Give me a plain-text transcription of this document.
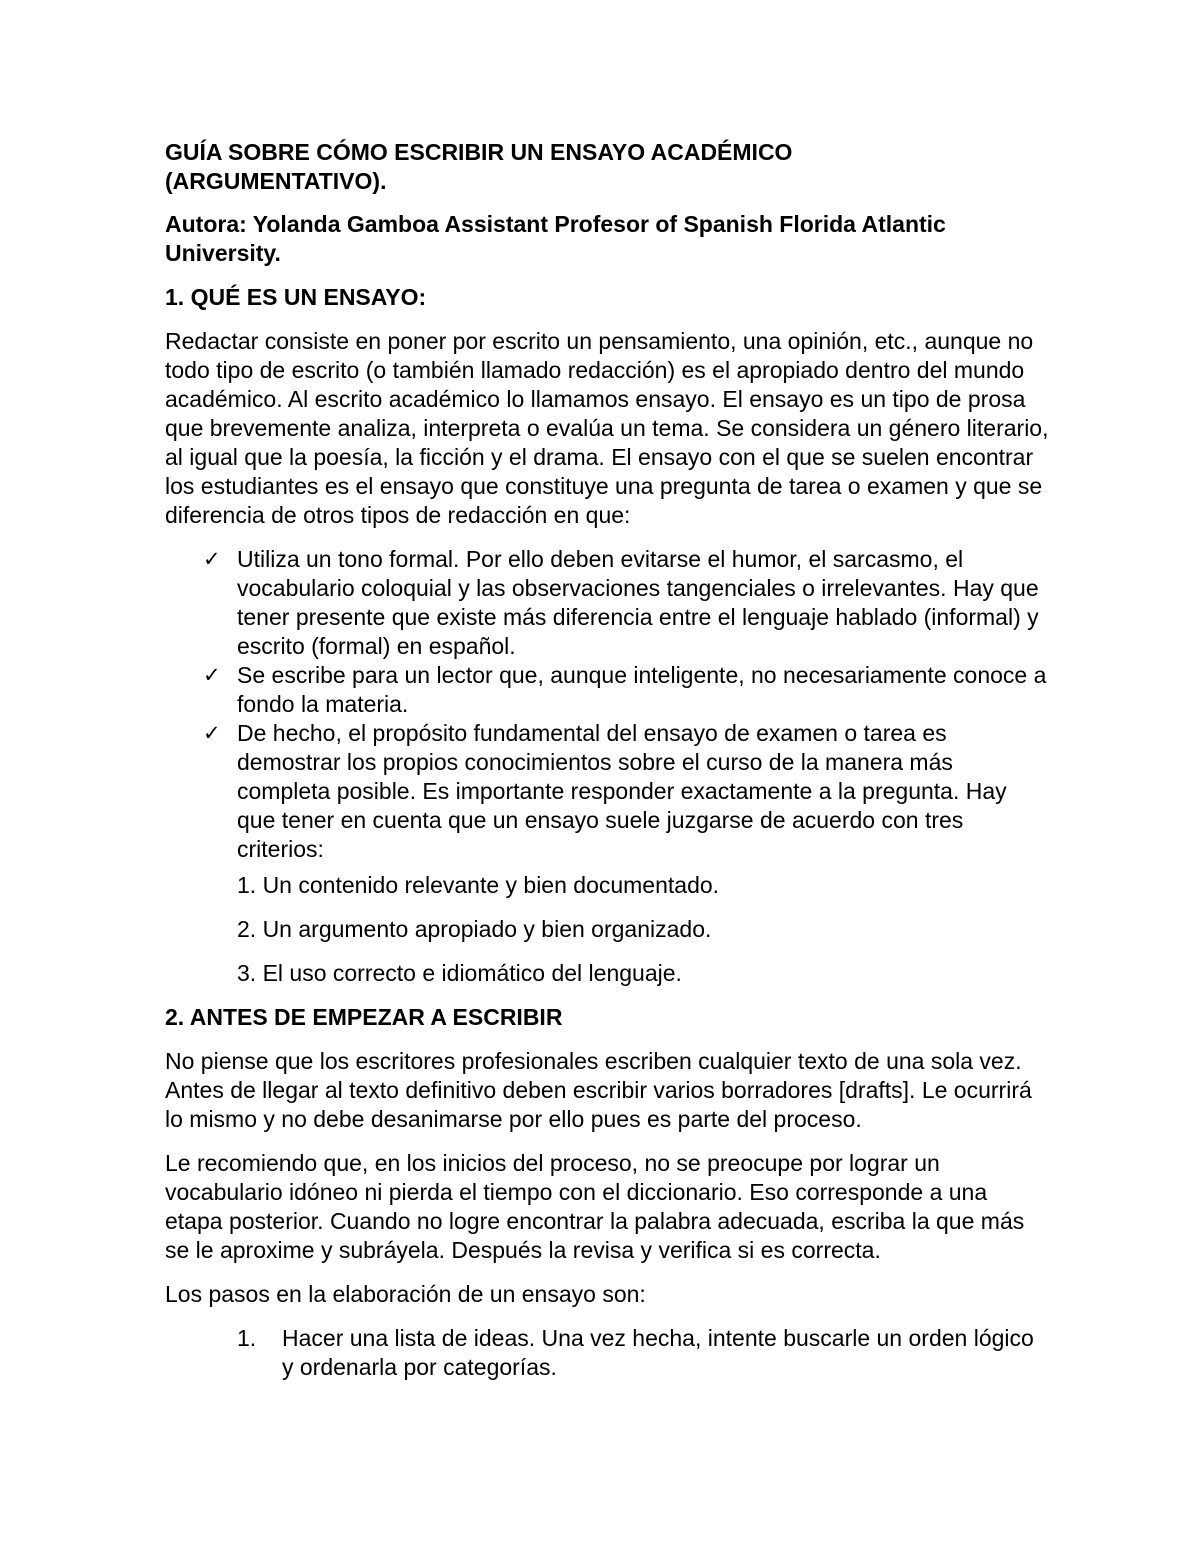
GUÍA SOBRE CÓMO ESCRIBIR UN ENSAYO ACADÉMICO
(ARGUMENTATIVO).

Autora: Yolanda Gamboa Assistant Profesor of Spanish Florida Atlantic University.

1. QUÉ ES UN ENSAYO:

Redactar consiste en poner por escrito un pensamiento, una opinión, etc., aunque no todo tipo de escrito (o también llamado redacción) es el apropiado dentro del mundo académico. Al escrito académico lo llamamos ensayo. El ensayo es un tipo de prosa que brevemente analiza, interpreta o evalúa un tema. Se considera un género literario, al igual que la poesía, la ficción y el drama. El ensayo con el que se suelen encontrar los estudiantes es el ensayo que constituye una pregunta de tarea o examen y que se diferencia de otros tipos de redacción en que:

✓ Utiliza un tono formal. Por ello deben evitarse el humor, el sarcasmo, el vocabulario coloquial y las observaciones tangenciales o irrelevantes. Hay que tener presente que existe más diferencia entre el lenguaje hablado (informal) y escrito (formal) en español.
✓ Se escribe para un lector que, aunque inteligente, no necesariamente conoce a fondo la materia.
✓ De hecho, el propósito fundamental del ensayo de examen o tarea es demostrar los propios conocimientos sobre el curso de la manera más completa posible. Es importante responder exactamente a la pregunta. Hay que tener en cuenta que un ensayo suele juzgarse de acuerdo con tres criterios:
1. Un contenido relevante y bien documentado.
2. Un argumento apropiado y bien organizado.
3. El uso correcto e idiomático del lenguaje.

2. ANTES DE EMPEZAR A ESCRIBIR

No piense que los escritores profesionales escriben cualquier texto de una sola vez. Antes de llegar al texto definitivo deben escribir varios borradores [drafts]. Le ocurrirá lo mismo y no debe desanimarse por ello pues es parte del proceso.

Le recomiendo que, en los inicios del proceso, no se preocupe por lograr un vocabulario idóneo ni pierda el tiempo con el diccionario. Eso corresponde a una etapa posterior. Cuando no logre encontrar la palabra adecuada, escriba la que más se le aproxime y subráyela. Después la revisa y verifica si es correcta.

Los pasos en la elaboración de un ensayo son:

1. Hacer una lista de ideas. Una vez hecha, intente buscarle un orden lógico y ordenarla por categorías.
